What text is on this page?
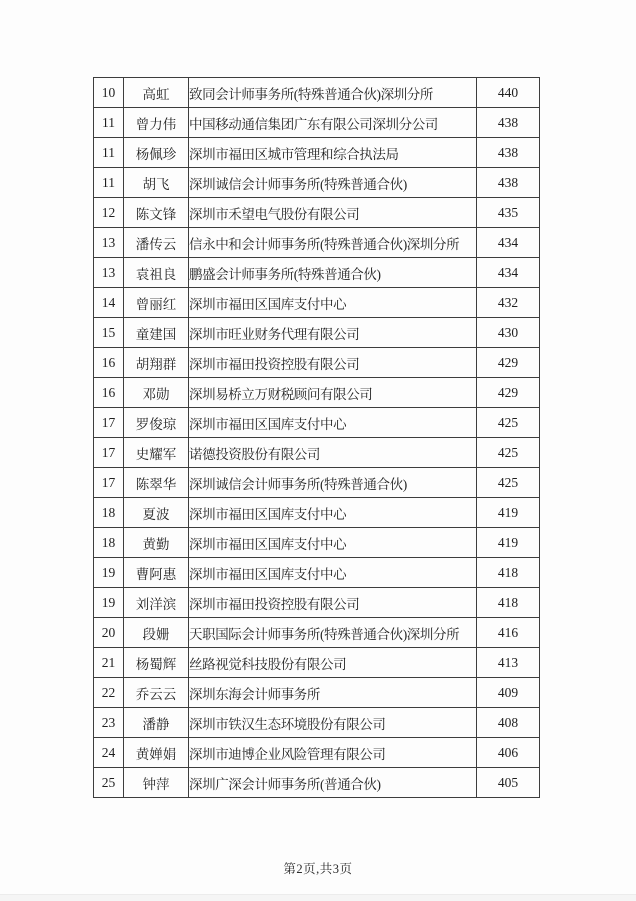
10	高虹	致同会计师事务所(特殊普通合伙)深圳分所	440
11	曾力伟	中国移动通信集团广东有限公司深圳分公司	438
11	杨佩珍	深圳市福田区城市管理和综合执法局	438
11	胡飞	深圳诚信会计师事务所(特殊普通合伙)	438
12	陈文锋	深圳市禾望电气股份有限公司	435
13	潘传云	信永中和会计师事务所(特殊普通合伙)深圳分所	434
13	袁祖良	鹏盛会计师事务所(特殊普通合伙)	434
14	曾丽红	深圳市福田区国库支付中心	432
15	童建国	深圳市旺业财务代理有限公司	430
16	胡翔群	深圳市福田投资控股有限公司	429
16	邓勋	深圳易桥立万财税顾问有限公司	429
17	罗俊琼	深圳市福田区国库支付中心	425
17	史耀军	诺德投资股份有限公司	425
17	陈翠华	深圳诚信会计师事务所(特殊普通合伙)	425
18	夏波	深圳市福田区国库支付中心	419
18	黄勤	深圳市福田区国库支付中心	419
19	曹阿惠	深圳市福田区国库支付中心	418
19	刘洋滨	深圳市福田投资控股有限公司	418
20	段姗	天职国际会计师事务所(特殊普通合伙)深圳分所	416
21	杨蜀辉	丝路视觉科技股份有限公司	413
22	乔云云	深圳东海会计师事务所	409
23	潘静	深圳市铁汉生态环境股份有限公司	408
24	黄婵娟	深圳市迪博企业风险管理有限公司	406
25	钟萍	深圳广深会计师事务所(普通合伙)	405
第2页,共3页
